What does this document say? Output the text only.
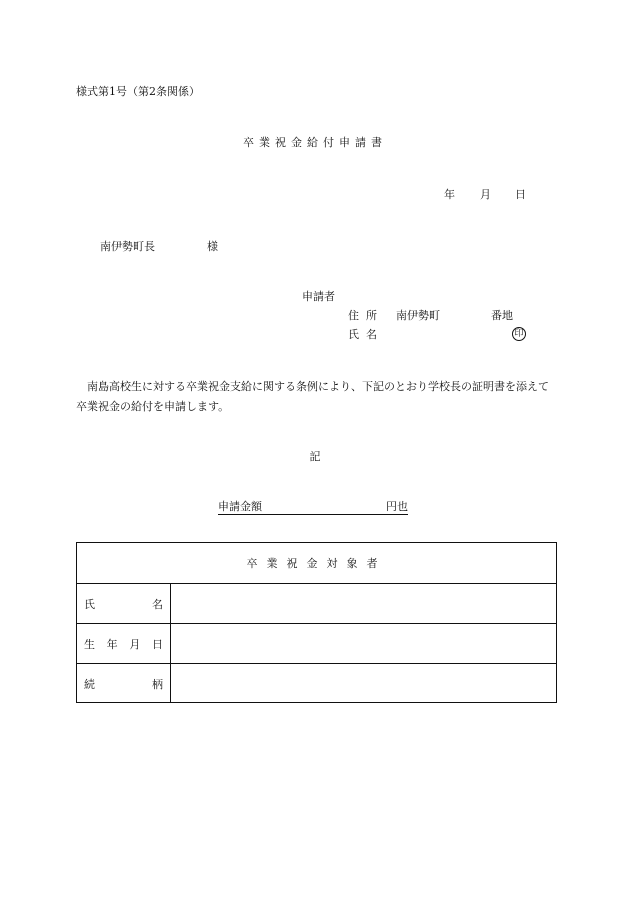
様式第1号（第2条関係）
卒業祝金給付申請書
年 月 日
南伊勢町長	様
申請者
住所 南伊勢町	番地
氏名	印
南島高校生に対する卒業祝金支給に関する条例により、下記のとおり学校長の証明書を添えて卒業祝金の給付を申請します。
記
申請金額	円也
卒業祝金対象者
氏	名
生 年 月 日
続	柄
